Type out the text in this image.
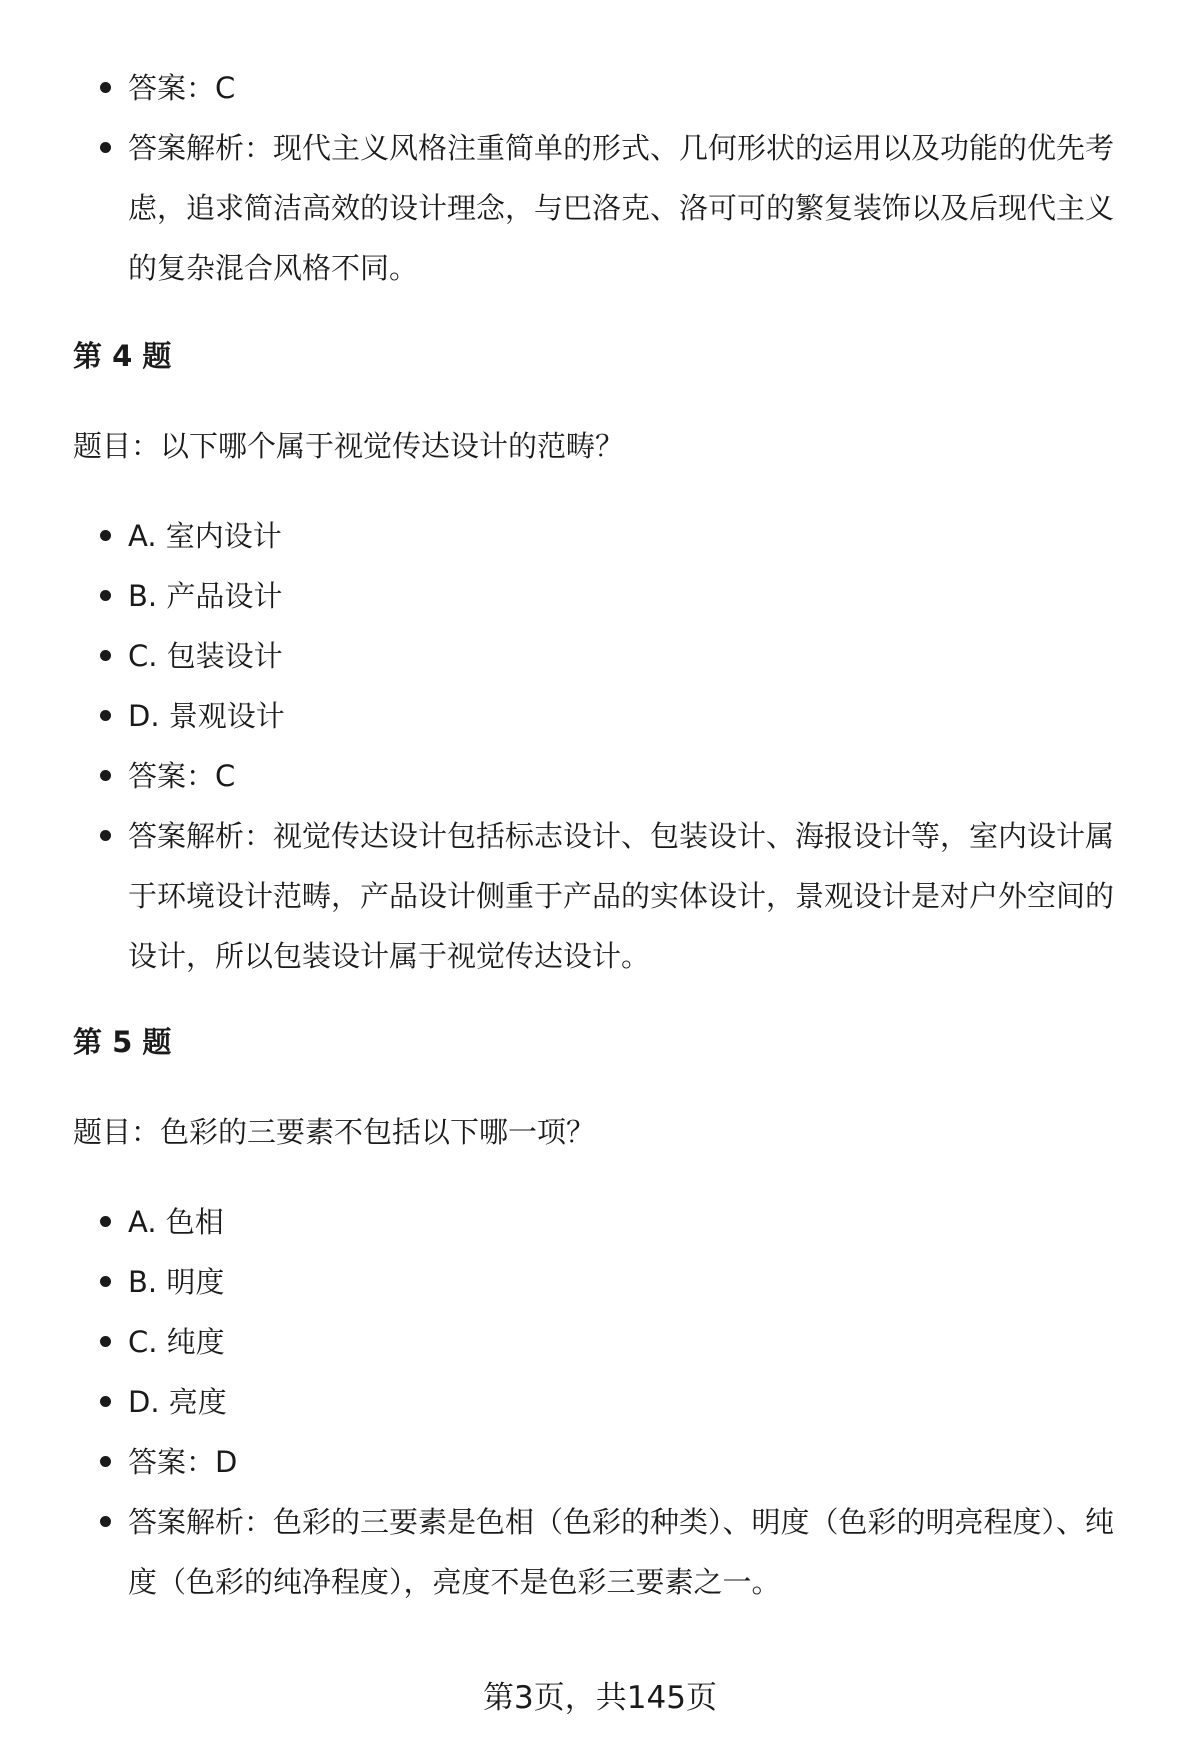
答案：C
答案解析：现代主义风格注重简单的形式、几何形状的运用以及功能的优先考虑，追求简洁高效的设计理念，与巴洛克、洛可可的繁复装饰以及后现代主义的复杂混合风格不同。
第 4 题
题目：以下哪个属于视觉传达设计的范畴？
A. 室内设计
B. 产品设计
C. 包装设计
D. 景观设计
答案：C
答案解析：视觉传达设计包括标志设计、包装设计、海报设计等，室内设计属于环境设计范畴，产品设计侧重于产品的实体设计，景观设计是对户外空间的设计，所以包装设计属于视觉传达设计。
第 5 题
题目：色彩的三要素不包括以下哪一项？
A. 色相
B. 明度
C. 纯度
D. 亮度
答案：D
答案解析：色彩的三要素是色相（色彩的种类）、明度（色彩的明亮程度）、纯度（色彩的纯净程度），亮度不是色彩三要素之一。
第3页，共145页
